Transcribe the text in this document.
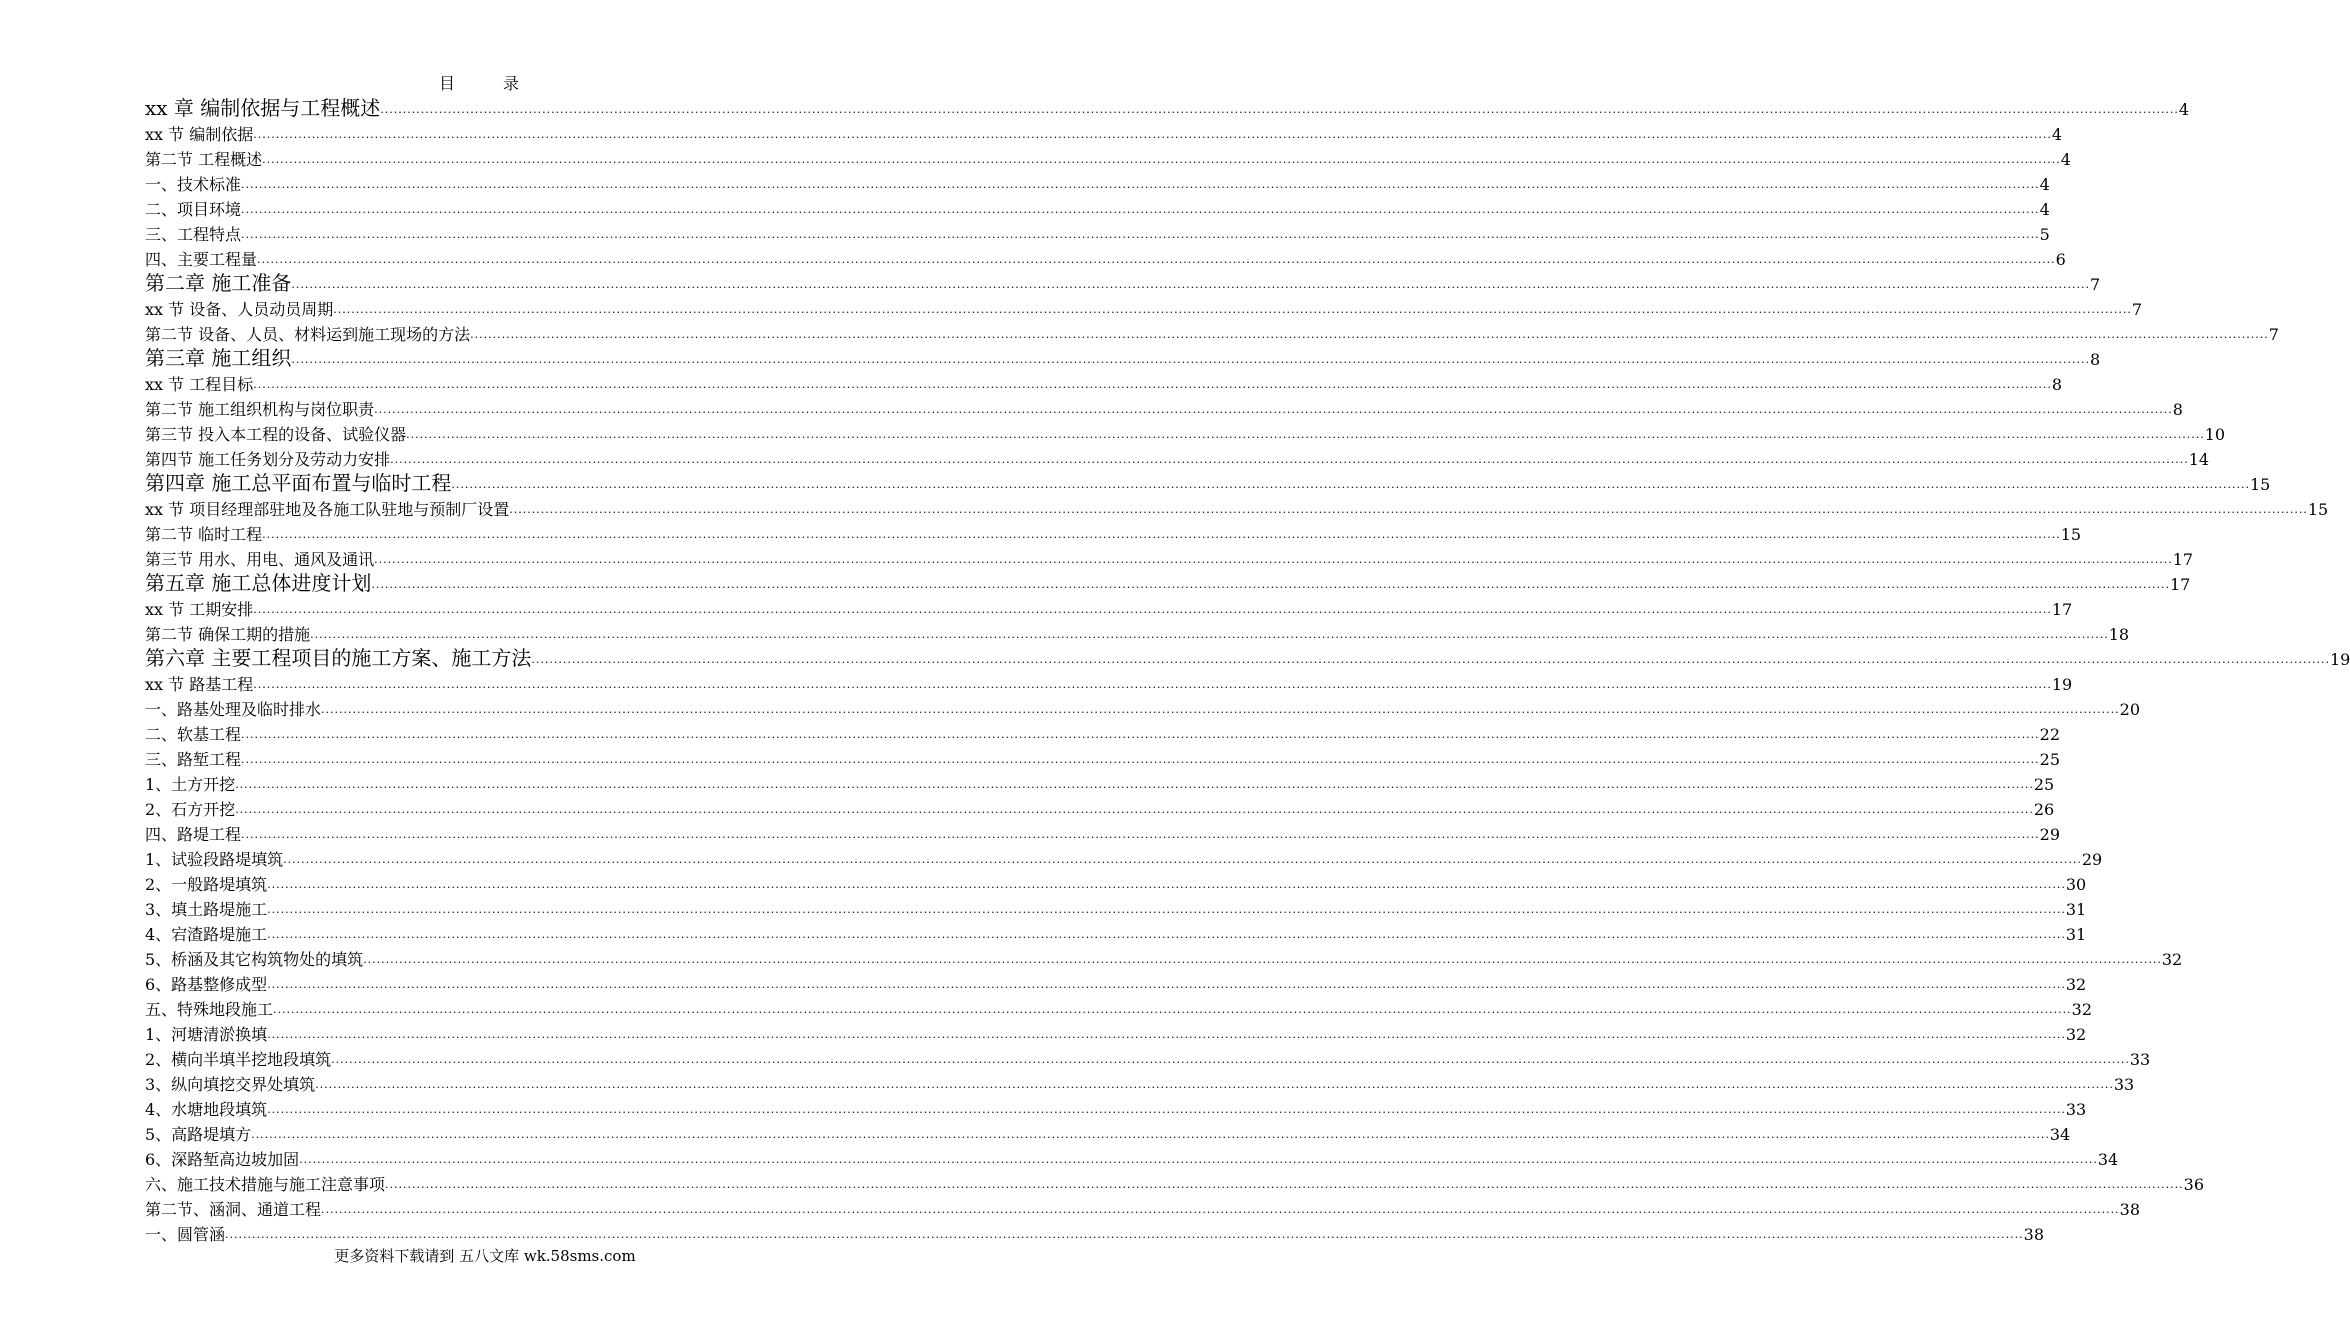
目　录
xx 章 编制依据与工程概述 ................................................................................................................................................................................................................................................................................................................................................................................................................ 4
xx 节 编制依据 ................................................................................................................................................................................................................................................................................................................................................................................................................ 4
第二节 工程概述 ................................................................................................................................................................................................................................................................................................................................................................................................................ 4
一、技术标准 ................................................................................................................................................................................................................................................................................................................................................................................................................ 4
二、项目环境 ................................................................................................................................................................................................................................................................................................................................................................................................................ 4
三、工程特点 ................................................................................................................................................................................................................................................................................................................................................................................................................ 5
四、主要工程量 ................................................................................................................................................................................................................................................................................................................................................................................................................ 6
第二章 施工准备 ................................................................................................................................................................................................................................................................................................................................................................................................................ 7
xx 节 设备、人员动员周期 ................................................................................................................................................................................................................................................................................................................................................................................................................ 7
第二节 设备、人员、材料运到施工现场的方法 ................................................................................................................................................................................................................................................................................................................................................................................................................ 7
第三章 施工组织 ................................................................................................................................................................................................................................................................................................................................................................................................................ 8
xx 节 工程目标 ................................................................................................................................................................................................................................................................................................................................................................................................................ 8
第二节 施工组织机构与岗位职责 ................................................................................................................................................................................................................................................................................................................................................................................................................ 8
第三节 投入本工程的设备、试验仪器 ................................................................................................................................................................................................................................................................................................................................................................................................................ 10
第四节 施工任务划分及劳动力安排 ................................................................................................................................................................................................................................................................................................................................................................................................................ 14
第四章 施工总平面布置与临时工程 ................................................................................................................................................................................................................................................................................................................................................................................................................ 15
xx 节 项目经理部驻地及各施工队驻地与预制厂设置 ................................................................................................................................................................................................................................................................................................................................................................................................................ 15
第二节 临时工程 ................................................................................................................................................................................................................................................................................................................................................................................................................ 15
第三节 用水、用电、通风及通讯 ................................................................................................................................................................................................................................................................................................................................................................................................................ 17
第五章 施工总体进度计划 ................................................................................................................................................................................................................................................................................................................................................................................................................ 17
xx 节 工期安排 ................................................................................................................................................................................................................................................................................................................................................................................................................ 17
第二节 确保工期的措施 ................................................................................................................................................................................................................................................................................................................................................................................................................ 18
第六章 主要工程项目的施工方案、施工方法 ................................................................................................................................................................................................................................................................................................................................................................................................................ 19
xx 节 路基工程 ................................................................................................................................................................................................................................................................................................................................................................................................................ 19
一、路基处理及临时排水 ................................................................................................................................................................................................................................................................................................................................................................................................................ 20
二、软基工程 ................................................................................................................................................................................................................................................................................................................................................................................................................ 22
三、路堑工程 ................................................................................................................................................................................................................................................................................................................................................................................................................ 25
1、土方开挖 ................................................................................................................................................................................................................................................................................................................................................................................................................ 25
2、石方开挖 ................................................................................................................................................................................................................................................................................................................................................................................................................ 26
四、路堤工程 ................................................................................................................................................................................................................................................................................................................................................................................................................ 29
1、试验段路堤填筑 ................................................................................................................................................................................................................................................................................................................................................................................................................ 29
2、一般路堤填筑 ................................................................................................................................................................................................................................................................................................................................................................................................................ 30
3、填土路堤施工 ................................................................................................................................................................................................................................................................................................................................................................................................................ 31
4、宕渣路堤施工 ................................................................................................................................................................................................................................................................................................................................................................................................................ 31
5、桥涵及其它构筑物处的填筑 ................................................................................................................................................................................................................................................................................................................................................................................................................ 32
6、路基整修成型 ................................................................................................................................................................................................................................................................................................................................................................................................................ 32
五、特殊地段施工 ................................................................................................................................................................................................................................................................................................................................................................................................................ 32
1、河塘清淤换填 ................................................................................................................................................................................................................................................................................................................................................................................................................ 32
2、横向半填半挖地段填筑 ................................................................................................................................................................................................................................................................................................................................................................................................................ 33
3、纵向填挖交界处填筑 ................................................................................................................................................................................................................................................................................................................................................................................................................ 33
4、水塘地段填筑 ................................................................................................................................................................................................................................................................................................................................................................................................................ 33
5、高路堤填方 ................................................................................................................................................................................................................................................................................................................................................................................................................ 34
6、深路堑高边坡加固 ................................................................................................................................................................................................................................................................................................................................................................................................................ 34
六、施工技术措施与施工注意事项 ................................................................................................................................................................................................................................................................................................................................................................................................................ 36
第二节、涵洞、通道工程 ................................................................................................................................................................................................................................................................................................................................................................................................................ 38
一、圆管涵 ................................................................................................................................................................................................................................................................................................................................................................................................................ 38
更多资料下载请到 五八文库 wk.58sms.com
